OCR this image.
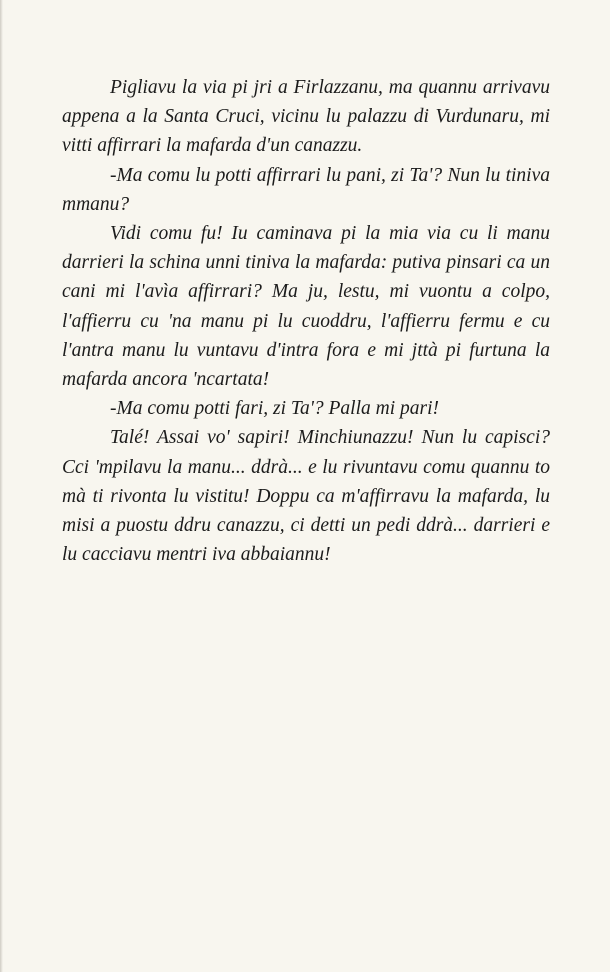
Pigliavu la via pi jri a Firlazzanu, ma quannu arrivavu appena a la Santa Cruci, vicinu lu palazzu di Vurdunaru, mi vitti affirrari la mafarda d'un canazzu.

-Ma comu lu potti affirrari lu pani, zi Ta'? Nun lu tiniva mmanu?

Vidi comu fu! Iu caminava pi la mia via cu li manu darrieri la schina unni tiniva la mafarda: putiva pinsari ca un cani mi l'avìa affirrari? Ma ju, lestu, mi vuontu a colpo, l'affierru cu 'na manu pi lu cuoddru, l'affierru fermu e cu l'antra manu lu vuntavu d'intra fora e mi jttà pi furtuna la mafarda ancora 'ncartata!

-Ma comu potti fari, zi Ta'? Palla mi pari!

Talé! Assai vo' sapiri! Minchiunazzu! Nun lu capisci? Cci 'mpilavu la manu... ddrà... e lu rivuntavu comu quannu to mà ti rivonta lu vistitu! Doppu ca m'affirravu la mafarda, lu misi a puostu ddru canazzu, ci detti un pedi ddrà... darrieri e lu cacciavu mentri iva abbaiannu!
